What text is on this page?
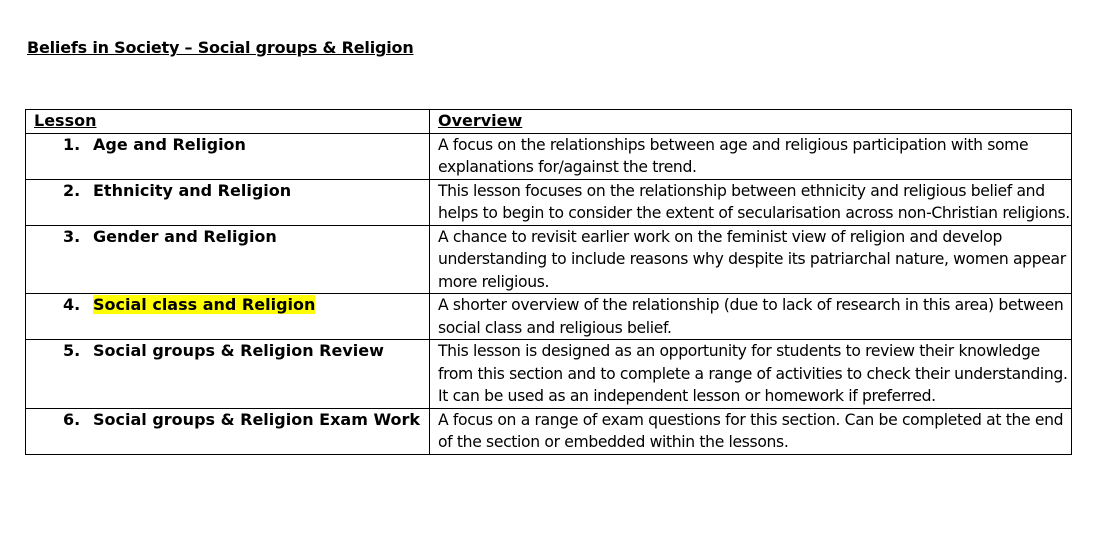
Beliefs in Society – Social groups & Religion
Lesson	Overview
1. Age and Religion	A focus on the relationships between age and religious participation with some explanations for/against the trend.
2. Ethnicity and Religion	This lesson focuses on the relationship between ethnicity and religious belief and helps to begin to consider the extent of secularisation across non-Christian religions.
3. Gender and Religion	A chance to revisit earlier work on the feminist view of religion and develop understanding to include reasons why despite its patriarchal nature, women appear more religious.
4. Social class and Religion	A shorter overview of the relationship (due to lack of research in this area) between social class and religious belief.
5. Social groups & Religion Review	This lesson is designed as an opportunity for students to review their knowledge from this section and to complete a range of activities to check their understanding. It can be used as an independent lesson or homework if preferred.
6. Social groups & Religion Exam Work	A focus on a range of exam questions for this section. Can be completed at the end of the section or embedded within the lessons.
